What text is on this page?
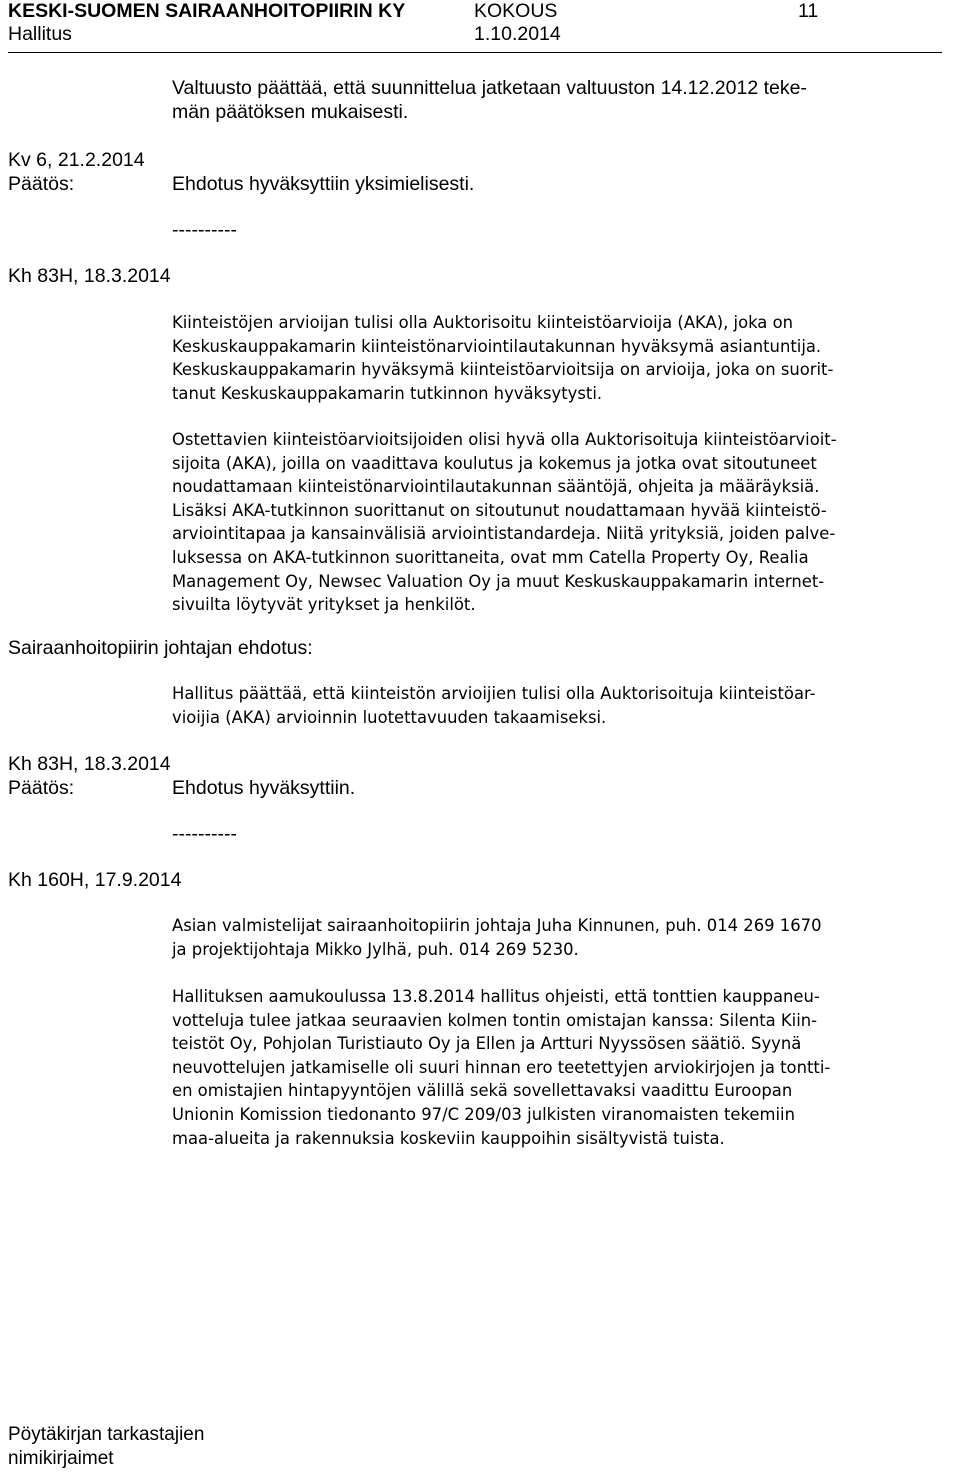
KESKI-SUOMEN SAIRAANHOITOPIIRIN KY	KOKOUS	11
Hallitus	1.10.2014
Valtuusto päättää, että suunnittelua jatketaan valtuuston 14.12.2012 teke-
män päätöksen mukaisesti.
Kv 6, 21.2.2014
Päätös:	Ehdotus hyväksyttiin yksimielisesti.
----------
Kh 83H, 18.3.2014
Kiinteistöjen arvioijan tulisi olla Auktorisoitu kiinteistöarvioija (AKA), joka on
Keskuskauppakamarin kiinteistönarviointilautakunnan hyväksymä asiantuntija.
Keskuskauppakamarin hyväksymä kiinteistöarvioitsija on arvioija, joka on suorit-
tanut Keskuskauppakamarin tutkinnon hyväksytysti.
Ostettavien kiinteistöarvioitsijoiden olisi hyvä olla Auktorisoituja kiinteistöarvioit-
sijoita (AKA), joilla on vaadittava koulutus ja kokemus ja jotka ovat sitoutuneet
noudattamaan kiinteistönarviointilautakunnan sääntöjä, ohjeita ja määräyksiä.
Lisäksi AKA-tutkinnon suorittanut on sitoutunut noudattamaan hyvää kiinteistö-
arviointitapaa ja kansainvälisiä arviointistandardeja. Niitä yrityksiä, joiden palve-
luksessa on AKA-tutkinnon suorittaneita, ovat mm Catella Property Oy, Realia
Management Oy, Newsec Valuation Oy ja muut Keskuskauppakamarin internet-
sivuilta löytyvät yritykset ja henkilöt.
Sairaanhoitopiirin johtajan ehdotus:
Hallitus päättää, että kiinteistön arvioijien tulisi olla Auktorisoituja kiinteistöar-
vioijia (AKA) arvioinnin luotettavuuden takaamiseksi.
Kh 83H, 18.3.2014
Päätös:	Ehdotus hyväksyttiin.
----------
Kh 160H, 17.9.2014
Asian valmistelijat sairaanhoitopiirin johtaja Juha Kinnunen, puh. 014 269 1670
ja projektijohtaja Mikko Jylhä, puh. 014 269 5230.
Hallituksen aamukoulussa 13.8.2014 hallitus ohjeisti, että tonttien kauppaneu-
votteluja tulee jatkaa seuraavien kolmen tontin omistajan kanssa: Silenta Kiin-
teistöt Oy, Pohjolan Turistiauto Oy ja Ellen ja Artturi Nyyssösen säätiö. Syynä
neuvottelujen jatkamiselle oli suuri hinnan ero teetettyjen arviokirjojen ja tontti-
en omistajien hintapyyntöjen välillä sekä sovellettavaksi vaadittu Euroopan
Unionin Komission tiedonanto 97/C 209/03 julkisten viranomaisten tekemiin
maa-alueita ja rakennuksia koskeviin kauppoihin sisältyvistä tuista.
Pöytäkirjan tarkastajien
nimikirjaimet
